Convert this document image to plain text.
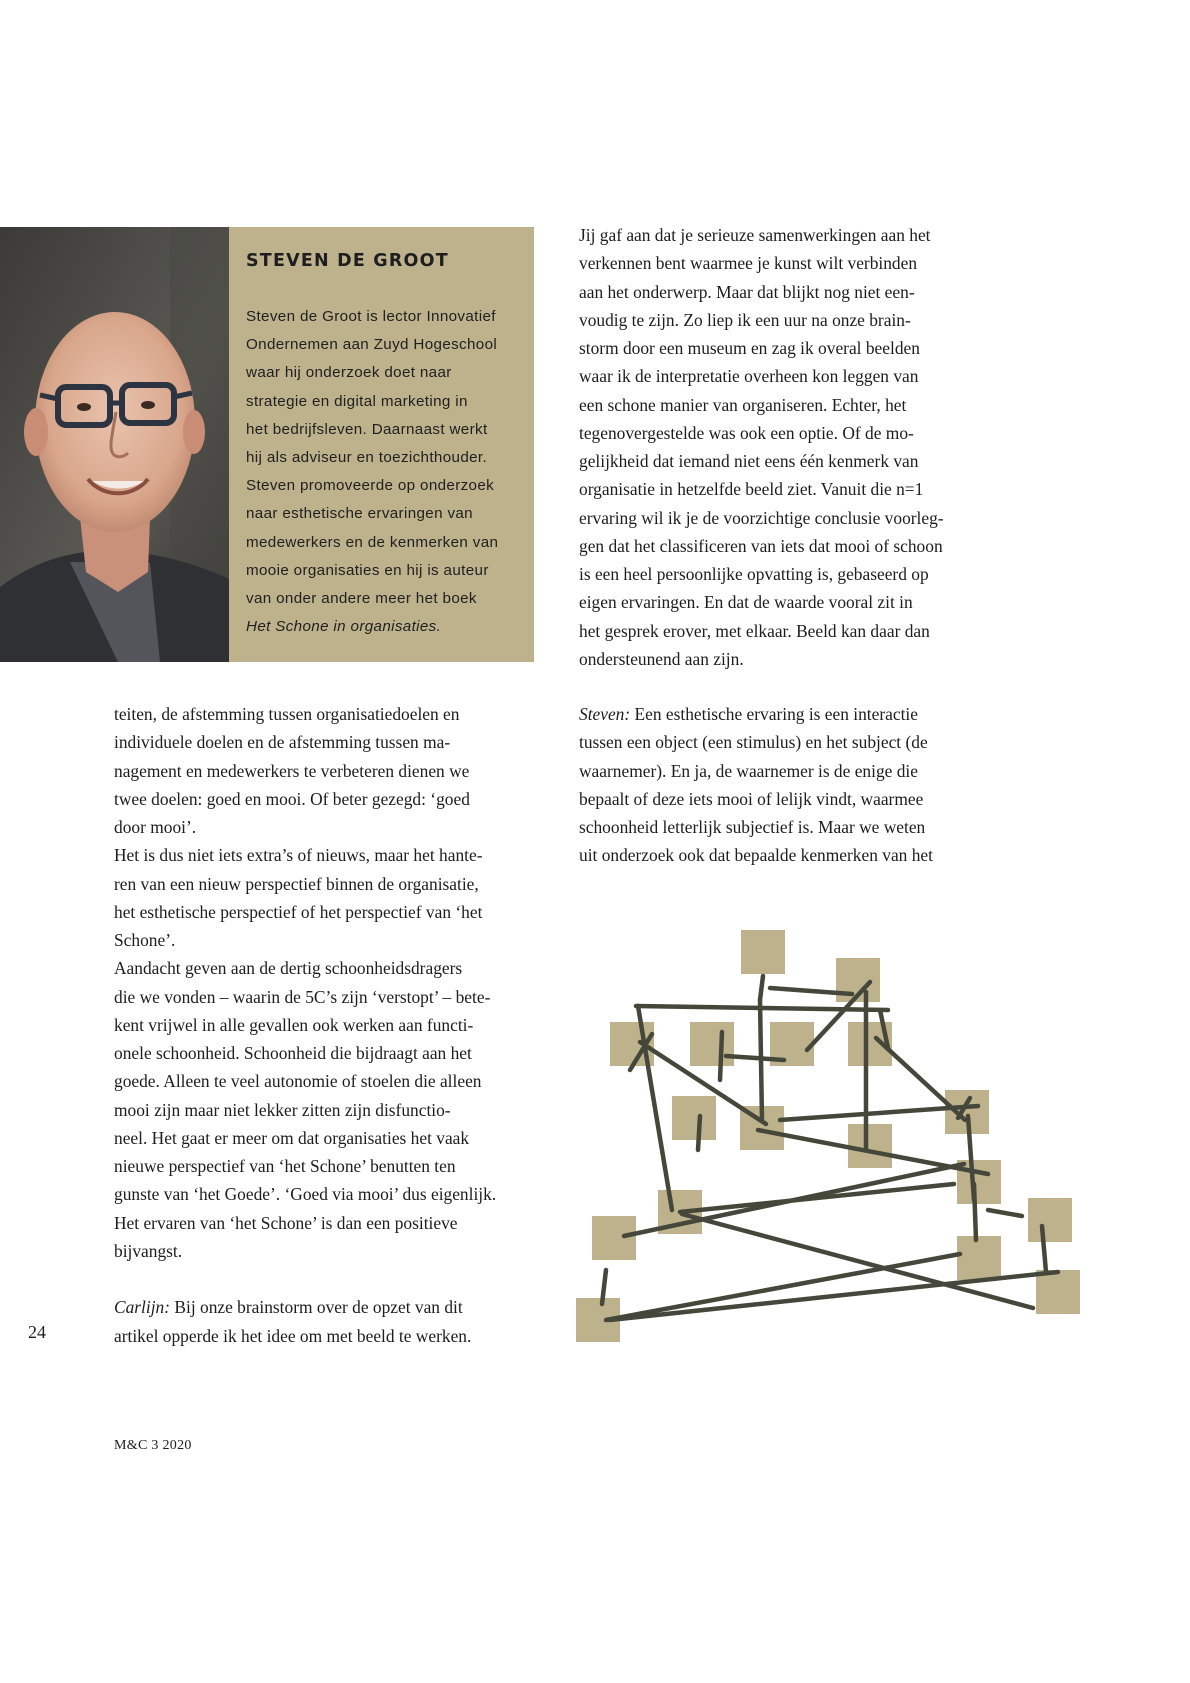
STEVEN DE GROOT
Steven de Groot is lector Innovatief
Ondernemen aan Zuyd Hogeschool
waar hij onderzoek doet naar
strategie en digital marketing in
het bedrijfsleven. Daarnaast werkt
hij als adviseur en toezichthouder.
Steven promoveerde op onderzoek
naar esthetische ervaringen van
medewerkers en de kenmerken van
mooie organisaties en hij is auteur
van onder andere meer het boek
Het Schone in organisaties.
Jij gaf aan dat je serieuze samenwerkingen aan het
verkennen bent waarmee je kunst wilt verbinden
aan het onderwerp. Maar dat blijkt nog niet een-
voudig te zijn. Zo liep ik een uur na onze brain-
storm door een museum en zag ik overal beelden
waar ik de interpretatie overheen kon leggen van
een schone manier van organiseren. Echter, het
tegenovergestelde was ook een optie. Of de mo-
gelijkheid dat iemand niet eens één kenmerk van
organisatie in hetzelfde beeld ziet. Vanuit die n=1
ervaring wil ik je de voorzichtige conclusie voorleg-
gen dat het classificeren van iets dat mooi of schoon
is een heel persoonlijke opvatting is, gebaseerd op
eigen ervaringen. En dat de waarde vooral zit in
het gesprek erover, met elkaar. Beeld kan daar dan
ondersteunend aan zijn.
Steven: Een esthetische ervaring is een interactie
tussen een object (een stimulus) en het subject (de
waarnemer). En ja, de waarnemer is de enige die
bepaalt of deze iets mooi of lelijk vindt, waarmee
schoonheid letterlijk subjectief is. Maar we weten
uit onderzoek ook dat bepaalde kenmerken van het
teiten, de afstemming tussen organisatiedoelen en
individuele doelen en de afstemming tussen ma-
nagement en medewerkers te verbeteren dienen we
twee doelen: goed en mooi. Of beter gezegd: ‘goed
door mooi’.
Het is dus niet iets extra’s of nieuws, maar het hante-
ren van een nieuw perspectief binnen de organisatie,
het esthetische perspectief of het perspectief van ‘het
Schone’.
Aandacht geven aan de dertig schoonheidsdragers
die we vonden – waarin de 5C’s zijn ‘verstopt’ – bete-
kent vrijwel in alle gevallen ook werken aan functi-
onele schoonheid. Schoonheid die bijdraagt aan het
goede. Alleen te veel autonomie of stoelen die alleen
mooi zijn maar niet lekker zitten zijn disfunctio-
neel. Het gaat er meer om dat organisaties het vaak
nieuwe perspectief van ‘het Schone’ benutten ten
gunste van ‘het Goede’. ‘Goed via mooi’ dus eigenlijk.
Het ervaren van ‘het Schone’ is dan een positieve
bijvangst.
Carlijn: Bij onze brainstorm over de opzet van dit
artikel opperde ik het idee om met beeld te werken.
24
M&C 3 2020
